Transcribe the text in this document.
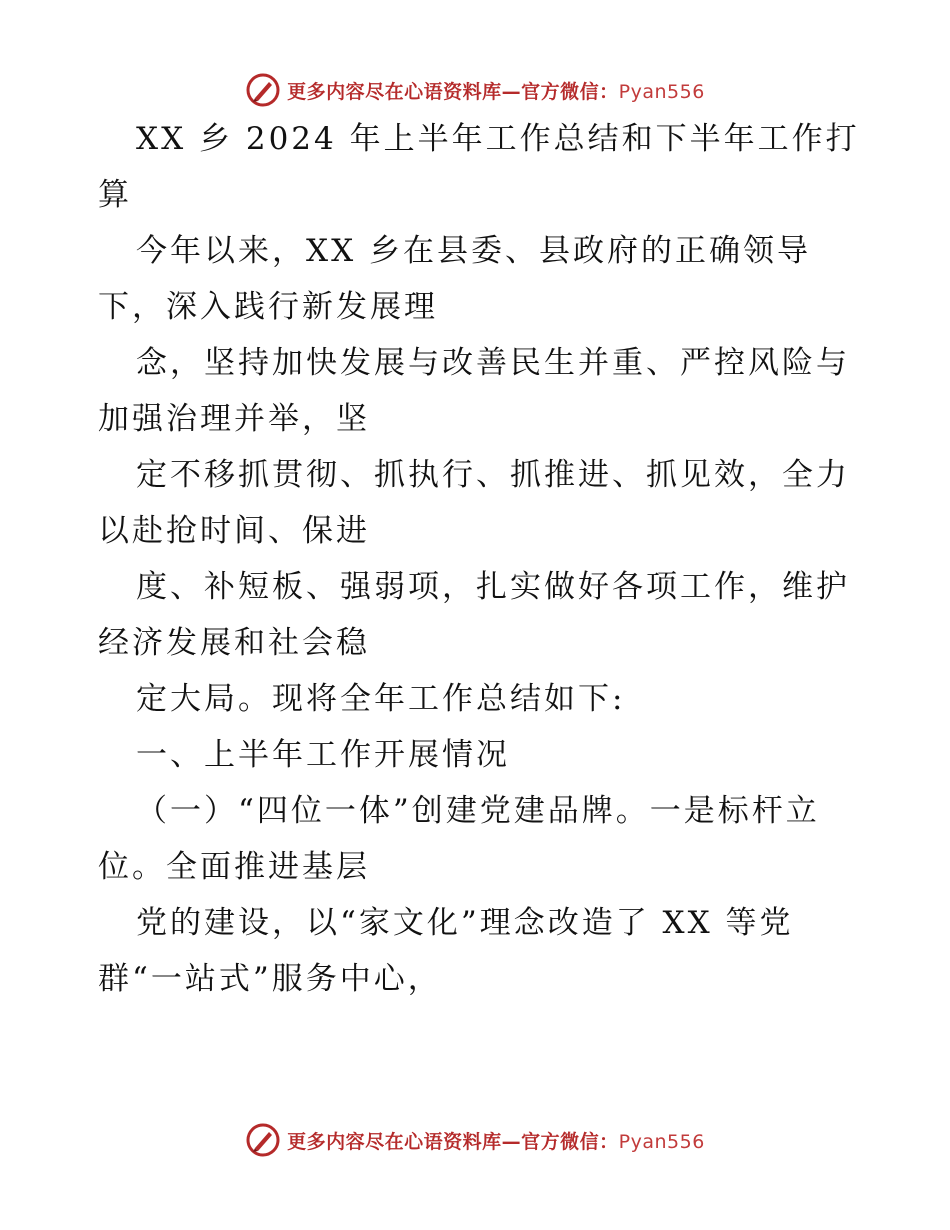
更多内容尽在心语资料库—官方微信：Pyan556
XX 乡 2024 年上半年工作总结和下半年工作打
算
今年以来，XX 乡在县委、县政府的正确领导
下，深入践行新发展理
念，坚持加快发展与改善民生并重、严控风险与
加强治理并举，坚
定不移抓贯彻、抓执行、抓推进、抓见效，全力
以赴抢时间、保进
度、补短板、强弱项，扎实做好各项工作，维护
经济发展和社会稳
定大局。现将全年工作总结如下:
一、上半年工作开展情况
（一）“四位一体”创建党建品牌。一是标杆立
位。全面推进基层
党的建设，以“家文化”理念改造了 XX 等党
群“一站式”服务中心，
更多内容尽在心语资料库—官方微信：Pyan556
